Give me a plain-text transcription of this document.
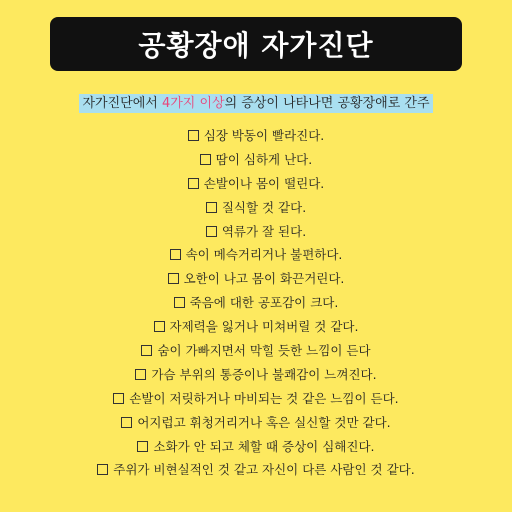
공황장애 자가진단
자가진단에서 4가지 이상의 증상이 나타나면 공황장애로 간주
심장 박동이 빨라진다.
땀이 심하게 난다.
손발이나 몸이 떨린다.
질식할 것 같다.
역류가 잘 된다.
속이 메슥거리거나 불편하다.
오한이 나고 몸이 화끈거린다.
죽음에 대한 공포감이 크다.
자제력을 잃거나 미쳐버릴 것 같다.
숨이 가빠지면서 막힐 듯한 느낌이 든다
가슴 부위의 통증이나 불쾌감이 느껴진다.
손발이 저릿하거나 마비되는 것 같은 느낌이 든다.
어지럽고 휘청거리거나 혹은 실신할 것만 같다.
소화가 안 되고 체할 때 증상이 심해진다.
주위가 비현실적인 것 같고 자신이 다른 사람인 것 같다.
